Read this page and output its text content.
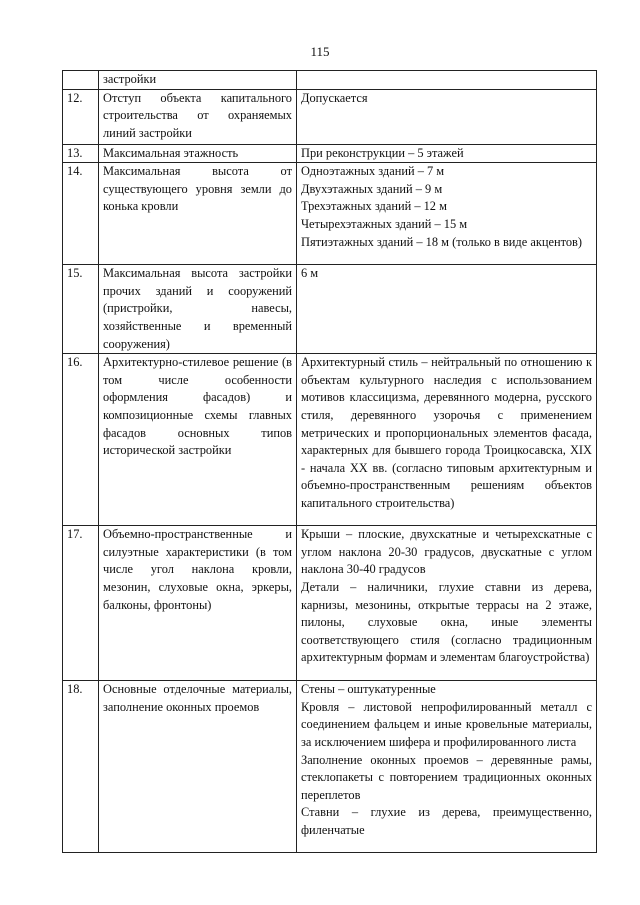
115
	застройки	

12.	Отступ объекта капитального строительства от охраняемых линий застройки	Допускается

13.	Максимальная этажность	При реконструкции – 5 этажей

14.	Максимальная высота от существующего уровня земли до конька кровли	Одноэтажных зданий – 7 м
Двухэтажных зданий – 9 м
Трехэтажных зданий – 12 м
Четырехэтажных зданий – 15 м
Пятиэтажных зданий – 18 м (только в виде акцентов)

15.	Максимальная высота застройки прочих зданий и сооружений (пристройки, навесы, хозяйственные и временный сооружения)	6 м

16.	Архитектурно-стилевое решение (в том числе особенности оформления фасадов) и композиционные схемы главных фасадов основных типов исторической застройки	Архитектурный стиль – нейтральный по отношению к объектам культурного наследия с использованием мотивов классицизма, деревянного модерна, русского стиля, деревянного узорочья с применением метрических и пропорциональных элементов фасада, характерных для бывшего города Троицкосавска, XIX - начала XX вв. (согласно типовым архитектурным и объемно-пространственным решениям объектов капитального строительства)

17.	Объемно-пространственные и силуэтные характеристики (в том числе угол наклона кровли, мезонин, слуховые окна, эркеры, балконы, фронтоны)	Крыши – плоские, двухскатные и четырехскатные с углом наклона 20-30 градусов, двускатные с углом наклона 30-40 градусов
Детали – наличники, глухие ставни из дерева, карнизы, мезонины, открытые террасы на 2 этаже, пилоны, слуховые окна, иные элементы соответствующего стиля (согласно традиционным архитектурным формам и элементам благоустройства)

18.	Основные отделочные материалы, заполнение оконных проемов	Стены – оштукатуренные
Кровля – листовой непрофилированный металл с соединением фальцем и иные кровельные материалы, за исключением шифера и профилированного листа
Заполнение оконных проемов – деревянные рамы, стеклопакеты с повторением традиционных оконных переплетов
Ставни – глухие из дерева, преимущественно, филенчатые
